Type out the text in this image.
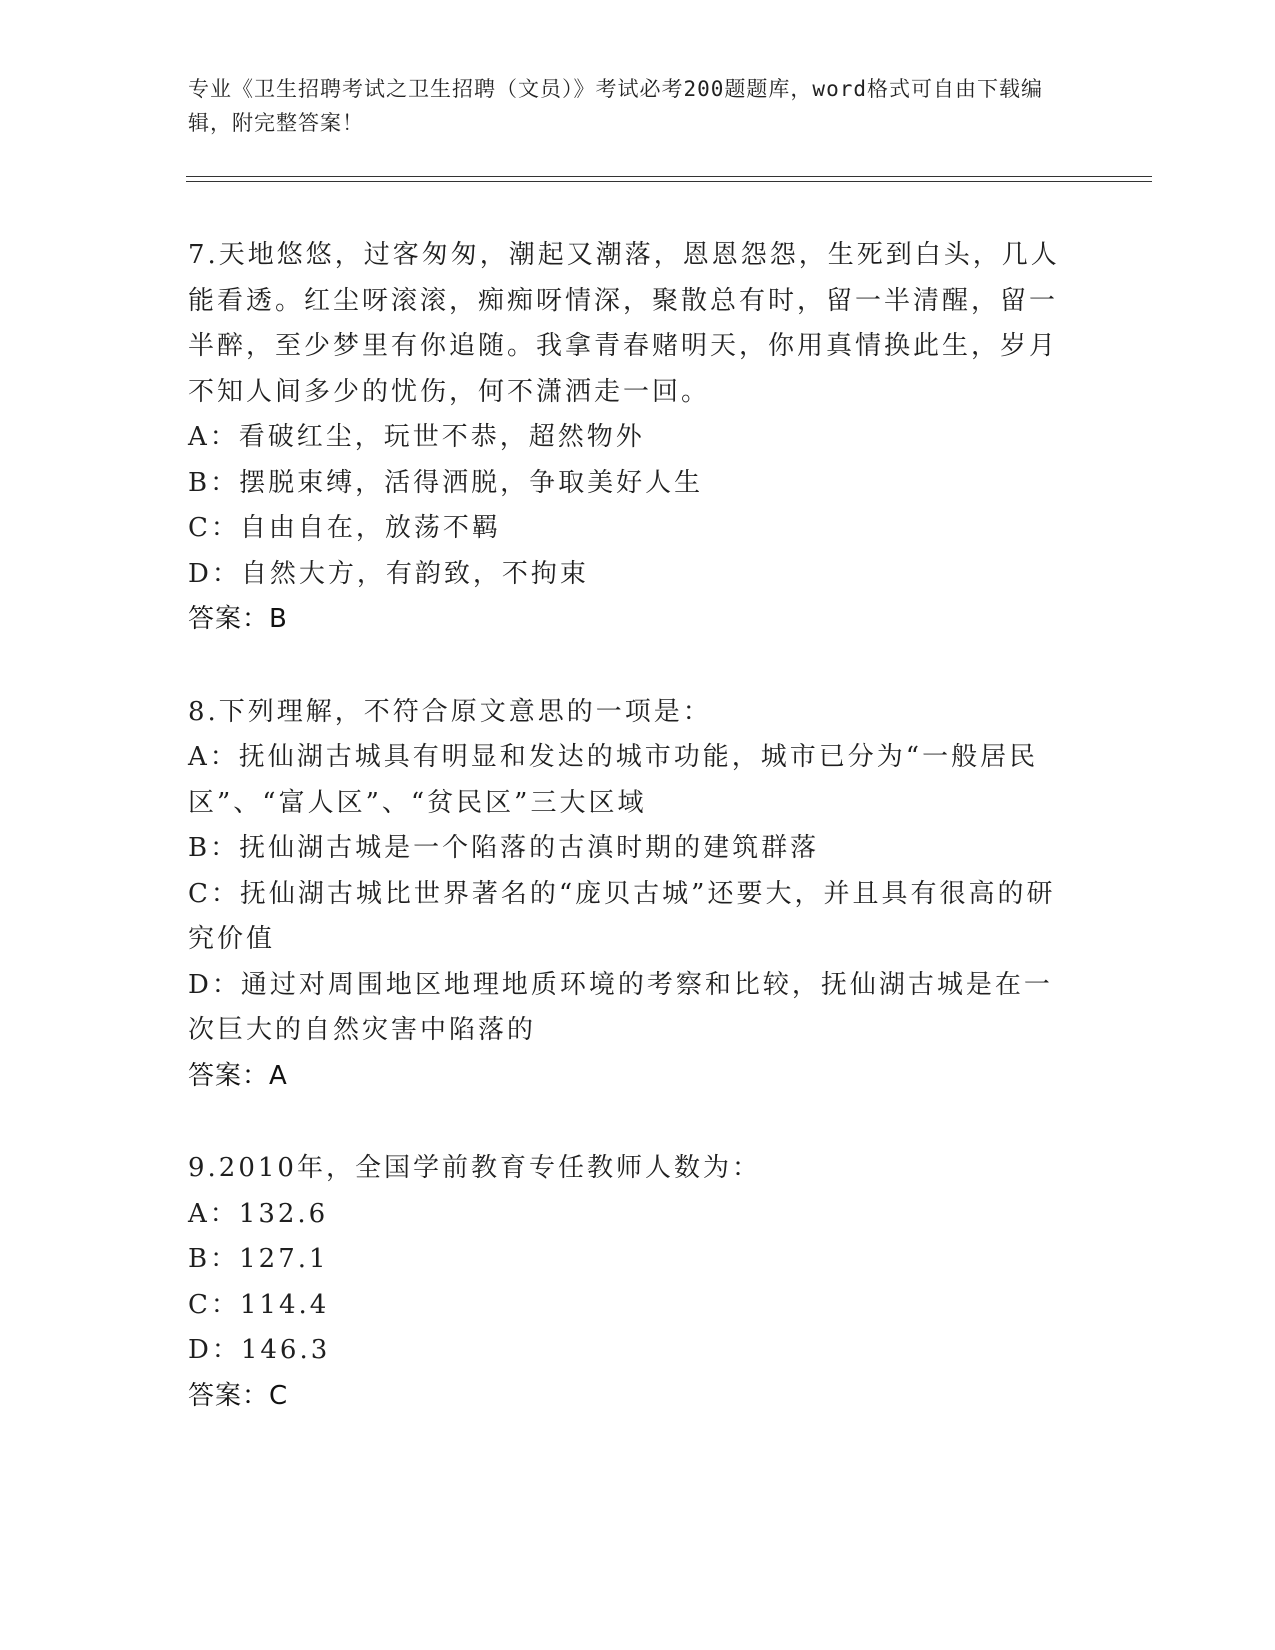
专业《卫生招聘考试之卫生招聘（文员）》考试必考200题题库，word格式可自由下载编辑，附完整答案！

7.天地悠悠，过客匆匆，潮起又潮落，恩恩怨怨，生死到白头，几人能看透。红尘呀滚滚，痴痴呀情深，聚散总有时，留一半清醒，留一半醉，至少梦里有你追随。我拿青春赌明天，你用真情换此生，岁月不知人间多少的忧伤，何不潇洒走一回。

A：看破红尘，玩世不恭，超然物外

B：摆脱束缚，活得洒脱，争取美好人生

C：自由自在，放荡不羁

D：自然大方，有韵致，不拘束

答案：B

8.下列理解，不符合原文意思的一项是：

A：抚仙湖古城具有明显和发达的城市功能，城市已分为“一般居民区”、“富人区”、“贫民区”三大区域

B：抚仙湖古城是一个陷落的古滇时期的建筑群落

C：抚仙湖古城比世界著名的“庞贝古城”还要大，并且具有很高的研究价值

D：通过对周围地区地理地质环境的考察和比较，抚仙湖古城是在一次巨大的自然灾害中陷落的

答案：A

9.2010年，全国学前教育专任教师人数为：

A：132.6

B：127.1

C：114.4

D：146.3

答案：C
